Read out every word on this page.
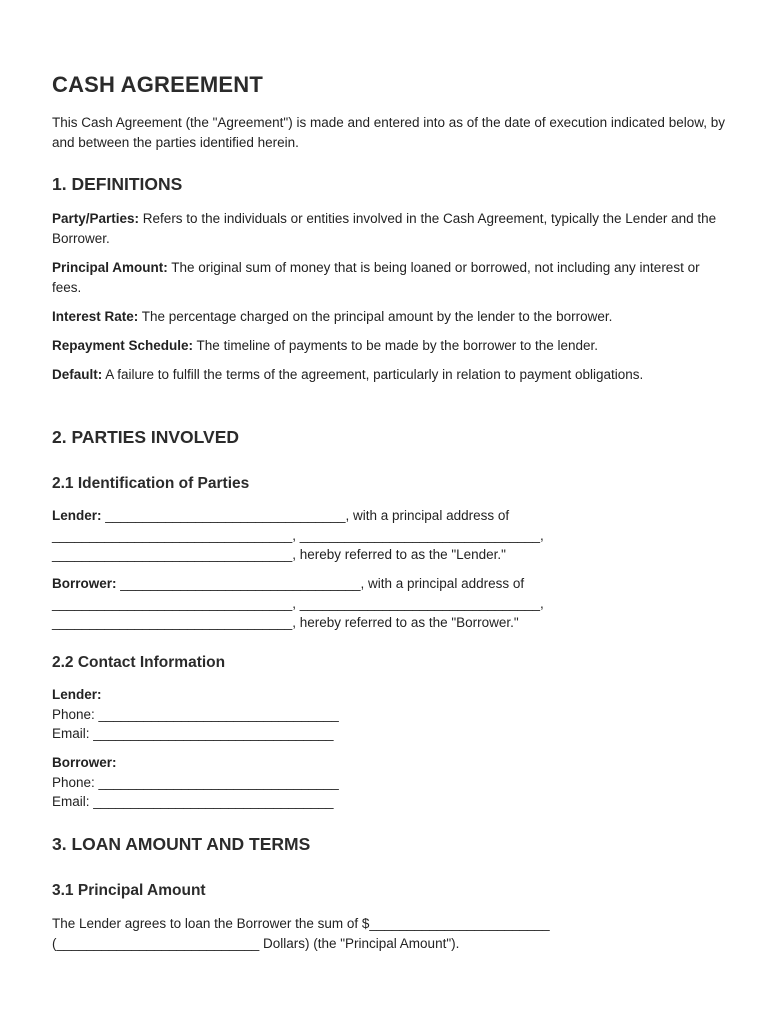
CASH AGREEMENT

This Cash Agreement (the "Agreement") is made and entered into as of the date of execution indicated below, by and between the parties identified herein.

1. DEFINITIONS

Party/Parties: Refers to the individuals or entities involved in the Cash Agreement, typically the Lender and the Borrower.

Principal Amount: The original sum of money that is being loaned or borrowed, not including any interest or fees.

Interest Rate: The percentage charged on the principal amount by the lender to the borrower.

Repayment Schedule: The timeline of payments to be made by the borrower to the lender.

Default: A failure to fulfill the terms of the agreement, particularly in relation to payment obligations.

2. PARTIES INVOLVED
2.1 Identification of Parties
Lender: ________________________________, with a principal address of
________________________________, ________________________________,
________________________________, hereby referred to as the "Lender."
Borrower: ________________________________, with a principal address of
________________________________, ________________________________,
________________________________, hereby referred to as the "Borrower."
2.2 Contact Information
Lender:
Phone: ________________________________
Email: ________________________________
Borrower:
Phone: ________________________________
Email: ________________________________
3. LOAN AMOUNT AND TERMS
3.1 Principal Amount
The Lender agrees to loan the Borrower the sum of $________________________
(___________________________ Dollars) (the "Principal Amount").
